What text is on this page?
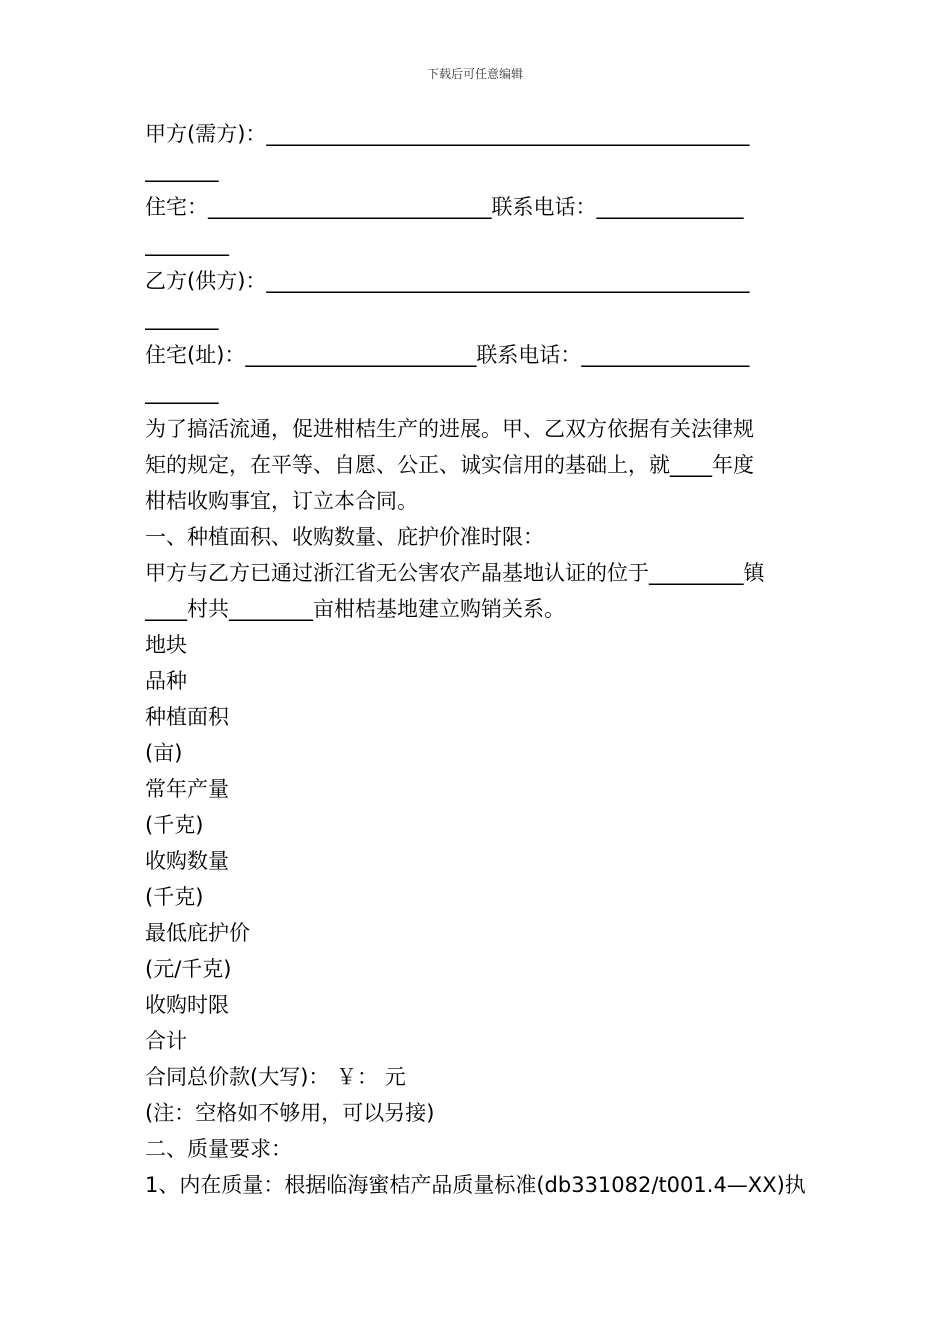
下载后可任意编辑
甲方(需方)：______________________________________________
_______
住宅：___________________________联系电话：______________
________
乙方(供方)：______________________________________________
_______
住宅(址)：______________________联系电话：________________
_______
为了搞活流通，促进柑桔生产的进展。甲、乙双方依据有关法律规
矩的规定，在平等、自愿、公正、诚实信用的基础上，就____年度
柑桔收购事宜，订立本合同。
一、种植面积、收购数量、庇护价准时限：
甲方与乙方已通过浙江省无公害农产晶基地认证的位于_________镇
____村共________亩柑桔基地建立购销关系。
地块
品种
种植面积
(亩)
常年产量
(千克)
收购数量
(千克)
最低庇护价
(元/千克)
收购时限
合计
合同总价款(大写)： ￥： 元
(注：空格如不够用，可以另接)
二、质量要求：
1、内在质量：根据临海蜜桔产品质量标准(db331082/t001.4—XX)执
